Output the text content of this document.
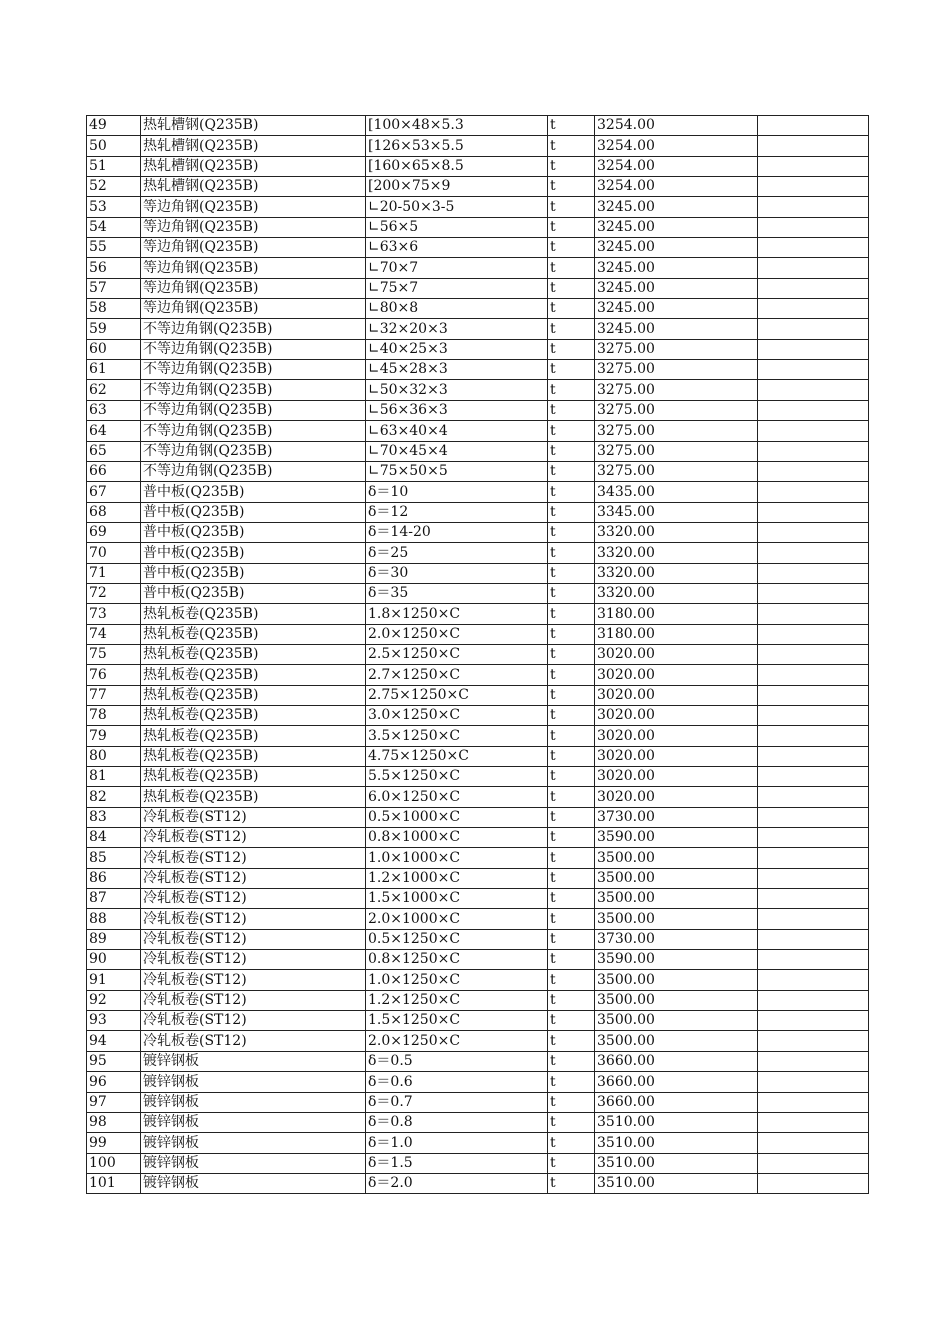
49	热轧槽钢(Q235B)	[100×48×5.3	t	3254.00	
50	热轧槽钢(Q235B)	[126×53×5.5	t	3254.00	
51	热轧槽钢(Q235B)	[160×65×8.5	t	3254.00	
52	热轧槽钢(Q235B)	[200×75×9	t	3254.00	
53	等边角钢(Q235B)	∟20-50×3-5	t	3245.00	
54	等边角钢(Q235B)	∟56×5	t	3245.00	
55	等边角钢(Q235B)	∟63×6	t	3245.00	
56	等边角钢(Q235B)	∟70×7	t	3245.00	
57	等边角钢(Q235B)	∟75×7	t	3245.00	
58	等边角钢(Q235B)	∟80×8	t	3245.00	
59	不等边角钢(Q235B)	∟32×20×3	t	3245.00	
60	不等边角钢(Q235B)	∟40×25×3	t	3275.00	
61	不等边角钢(Q235B)	∟45×28×3	t	3275.00	
62	不等边角钢(Q235B)	∟50×32×3	t	3275.00	
63	不等边角钢(Q235B)	∟56×36×3	t	3275.00	
64	不等边角钢(Q235B)	∟63×40×4	t	3275.00	
65	不等边角钢(Q235B)	∟70×45×4	t	3275.00	
66	不等边角钢(Q235B)	∟75×50×5	t	3275.00	
67	普中板(Q235B)	δ＝10	t	3435.00	
68	普中板(Q235B)	δ＝12	t	3345.00	
69	普中板(Q235B)	δ＝14-20	t	3320.00	
70	普中板(Q235B)	δ＝25	t	3320.00	
71	普中板(Q235B)	δ＝30	t	3320.00	
72	普中板(Q235B)	δ＝35	t	3320.00	
73	热轧板卷(Q235B)	1.8×1250×C	t	3180.00	
74	热轧板卷(Q235B)	2.0×1250×C	t	3180.00	
75	热轧板卷(Q235B)	2.5×1250×C	t	3020.00	
76	热轧板卷(Q235B)	2.7×1250×C	t	3020.00	
77	热轧板卷(Q235B)	2.75×1250×C	t	3020.00	
78	热轧板卷(Q235B)	3.0×1250×C	t	3020.00	
79	热轧板卷(Q235B)	3.5×1250×C	t	3020.00	
80	热轧板卷(Q235B)	4.75×1250×C	t	3020.00	
81	热轧板卷(Q235B)	5.5×1250×C	t	3020.00	
82	热轧板卷(Q235B)	6.0×1250×C	t	3020.00	
83	冷轧板卷(ST12)	0.5×1000×C	t	3730.00	
84	冷轧板卷(ST12)	0.8×1000×C	t	3590.00	
85	冷轧板卷(ST12)	1.0×1000×C	t	3500.00	
86	冷轧板卷(ST12)	1.2×1000×C	t	3500.00	
87	冷轧板卷(ST12)	1.5×1000×C	t	3500.00	
88	冷轧板卷(ST12)	2.0×1000×C	t	3500.00	
89	冷轧板卷(ST12)	0.5×1250×C	t	3730.00	
90	冷轧板卷(ST12)	0.8×1250×C	t	3590.00	
91	冷轧板卷(ST12)	1.0×1250×C	t	3500.00	
92	冷轧板卷(ST12)	1.2×1250×C	t	3500.00	
93	冷轧板卷(ST12)	1.5×1250×C	t	3500.00	
94	冷轧板卷(ST12)	2.0×1250×C	t	3500.00	
95	镀锌钢板	δ＝0.5	t	3660.00	
96	镀锌钢板	δ＝0.6	t	3660.00	
97	镀锌钢板	δ＝0.7	t	3660.00	
98	镀锌钢板	δ＝0.8	t	3510.00	
99	镀锌钢板	δ＝1.0	t	3510.00	
100	镀锌钢板	δ＝1.5	t	3510.00	
101	镀锌钢板	δ＝2.0	t	3510.00	
